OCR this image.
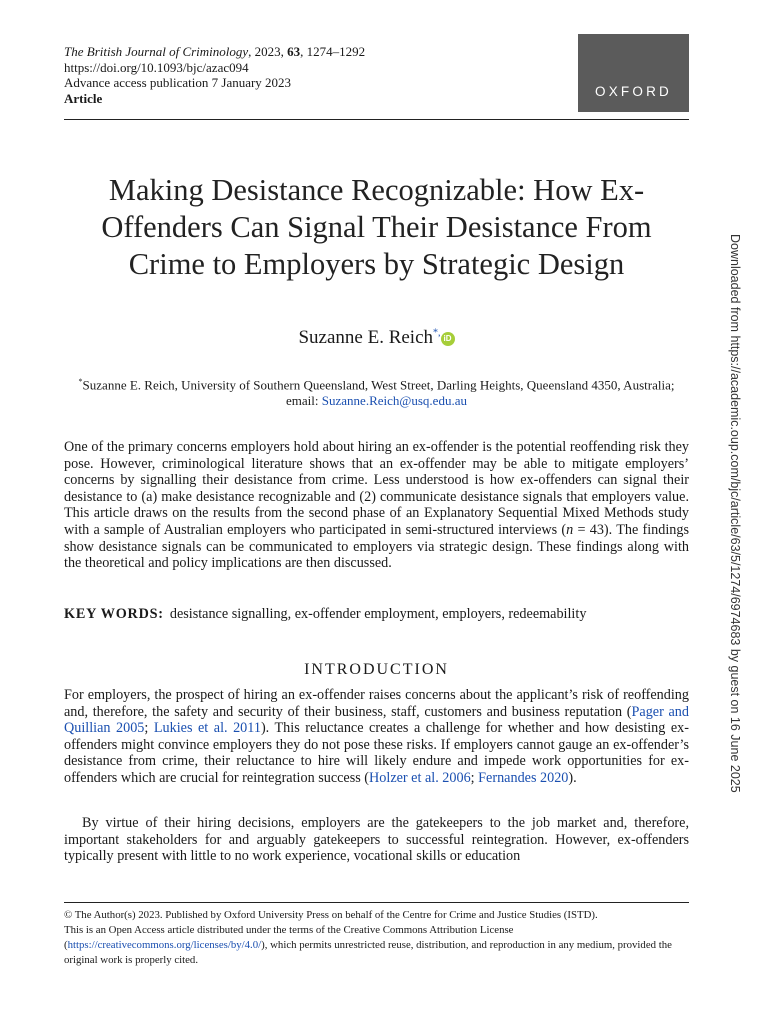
The British Journal of Criminology, 2023, 63, 1274–1292
https://doi.org/10.1093/bjc/azac094
Advance access publication 7 January 2023
Article	OXFORD
Making Desistance Recognizable: How Ex-Offenders Can Signal Their Desistance From Crime to Employers by Strategic Design
Suzanne E. Reich*, iD
*Suzanne E. Reich, University of Southern Queensland, West Street, Darling Heights, Queensland 4350, Australia; email: Suzanne.Reich@usq.edu.au

One of the primary concerns employers hold about hiring an ex-offender is the potential reoffending risk they pose. However, criminological literature shows that an ex-offender may be able to mitigate employers’ concerns by signalling their desistance from crime. Less understood is how ex-offenders can signal their desistance to (a) make desistance recognizable and (2) communicate desistance signals that employers value. This article draws on the results from the second phase of an Explanatory Sequential Mixed Methods study with a sample of Australian employers who participated in semi-structured interviews (n = 43). The findings show desistance signals can be communicated to employers via strategic design. These findings along with the theoretical and policy implications are then discussed.

KEY WORDS: desistance signalling, ex-offender employment, employers, redeemability
INTRODUCTION

For employers, the prospect of hiring an ex-offender raises concerns about the applicant’s risk of reoffending and, therefore, the safety and security of their business, staff, customers and business reputation (Pager and Quillian 2005; Lukies et al. 2011). This reluctance creates a challenge for whether and how desisting ex-offenders might convince employers they do not pose these risks. If employers cannot gauge an ex-offender’s desistance from crime, their reluctance to hire will likely endure and impede work opportunities for ex-offenders which are crucial for reintegration success (Holzer et al. 2006; Fernandes 2020).

By virtue of their hiring decisions, employers are the gatekeepers to the job market and, therefore, important stakeholders for and arguably gatekeepers to successful reintegration. However, ex-offenders typically present with little to no work experience, vocational skills or education

© The Author(s) 2023. Published by Oxford University Press on behalf of the Centre for Crime and Justice Studies (ISTD).
This is an Open Access article distributed under the terms of the Creative Commons Attribution License (https://creativecommons.org/licenses/by/4.0/), which permits unrestricted reuse, distribution, and reproduction in any medium, provided the original work is properly cited.
Downloaded from https://academic.oup.com/bjc/article/63/5/1274/6974683 by guest on 16 June 2025
